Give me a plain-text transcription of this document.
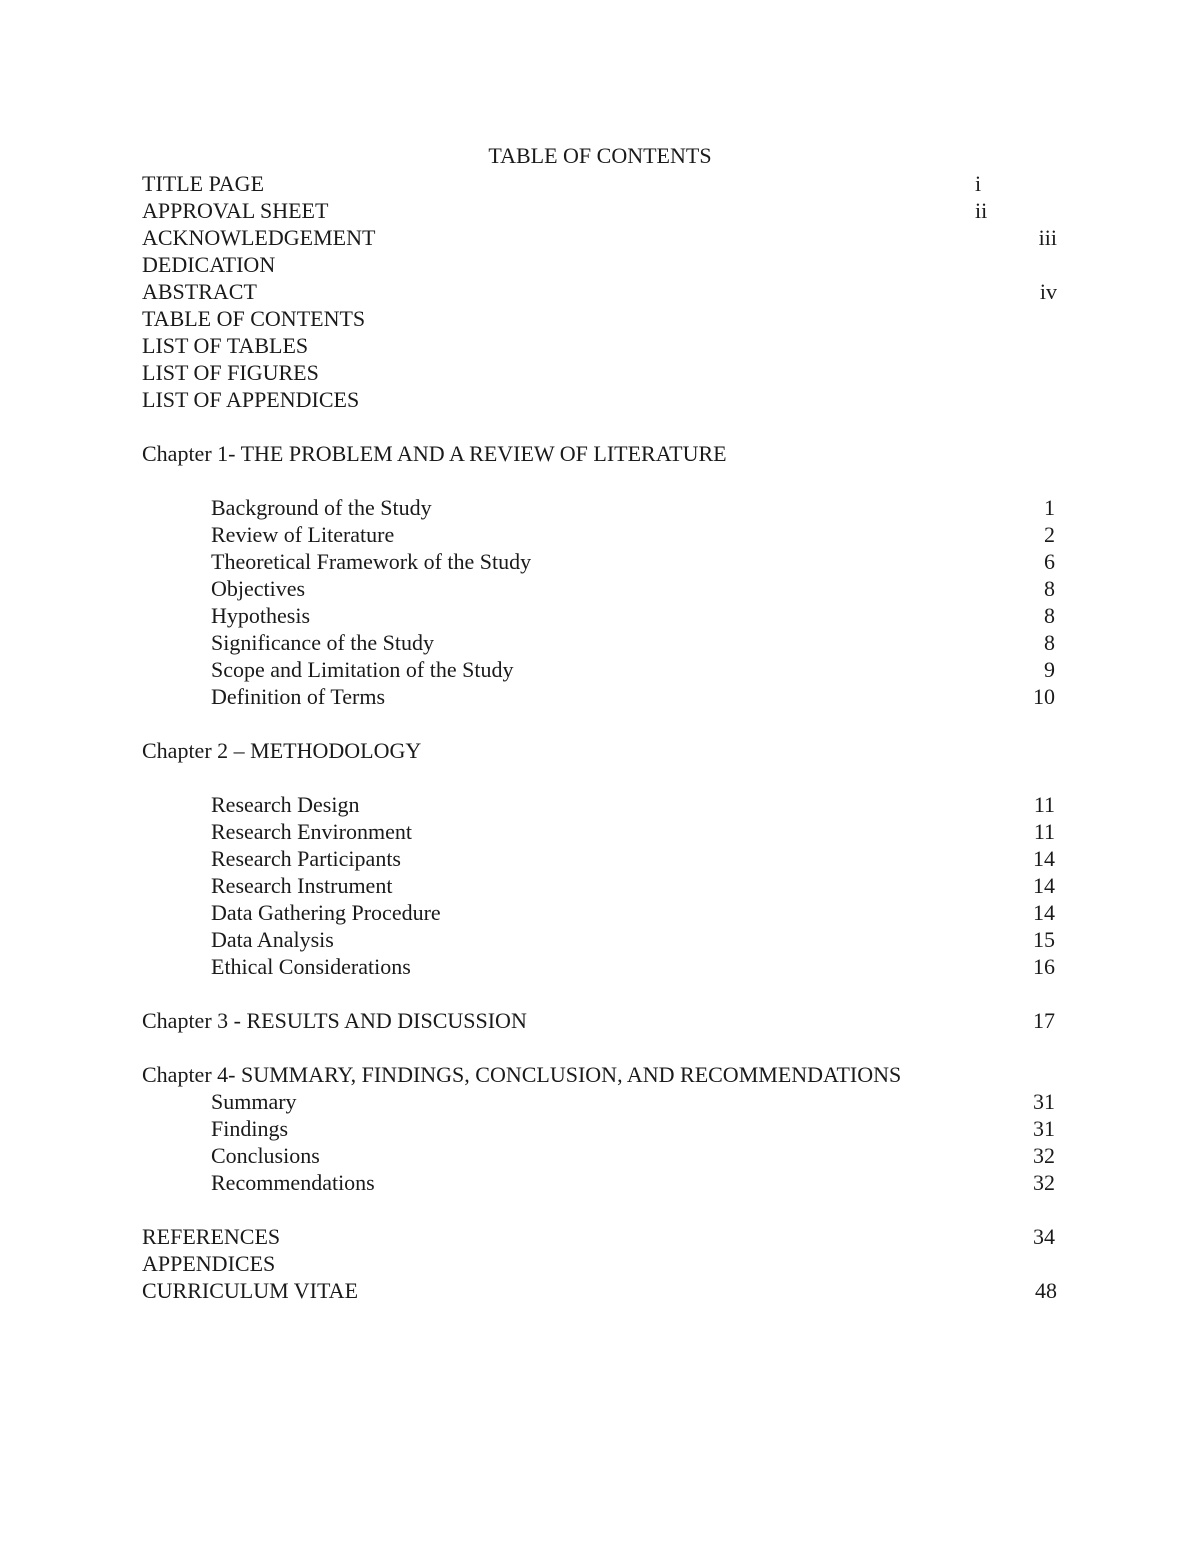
TABLE OF CONTENTS
TITLE PAGE	i
APPROVAL SHEET	ii
ACKNOWLEDGEMENT	iii
DEDICATION
ABSTRACT	iv
TABLE OF CONTENTS
LIST OF TABLES
LIST OF FIGURES
LIST OF APPENDICES
Chapter 1- THE PROBLEM AND A REVIEW OF LITERATURE
Background of the Study	1
Review of Literature	2
Theoretical Framework of the Study	6
Objectives	8
Hypothesis	8
Significance of the Study	8
Scope and Limitation of the Study	9
Definition of Terms	10
Chapter 2 – METHODOLOGY
Research Design	11
Research Environment	11
Research Participants	14
Research Instrument	14
Data Gathering Procedure	14
Data Analysis	15
Ethical Considerations	16
Chapter 3 - RESULTS AND DISCUSSION	17
Chapter 4- SUMMARY, FINDINGS, CONCLUSION, AND RECOMMENDATIONS
Summary	31
Findings	31
Conclusions	32
Recommendations	32
REFERENCES	34
APPENDICES
CURRICULUM VITAE	48
